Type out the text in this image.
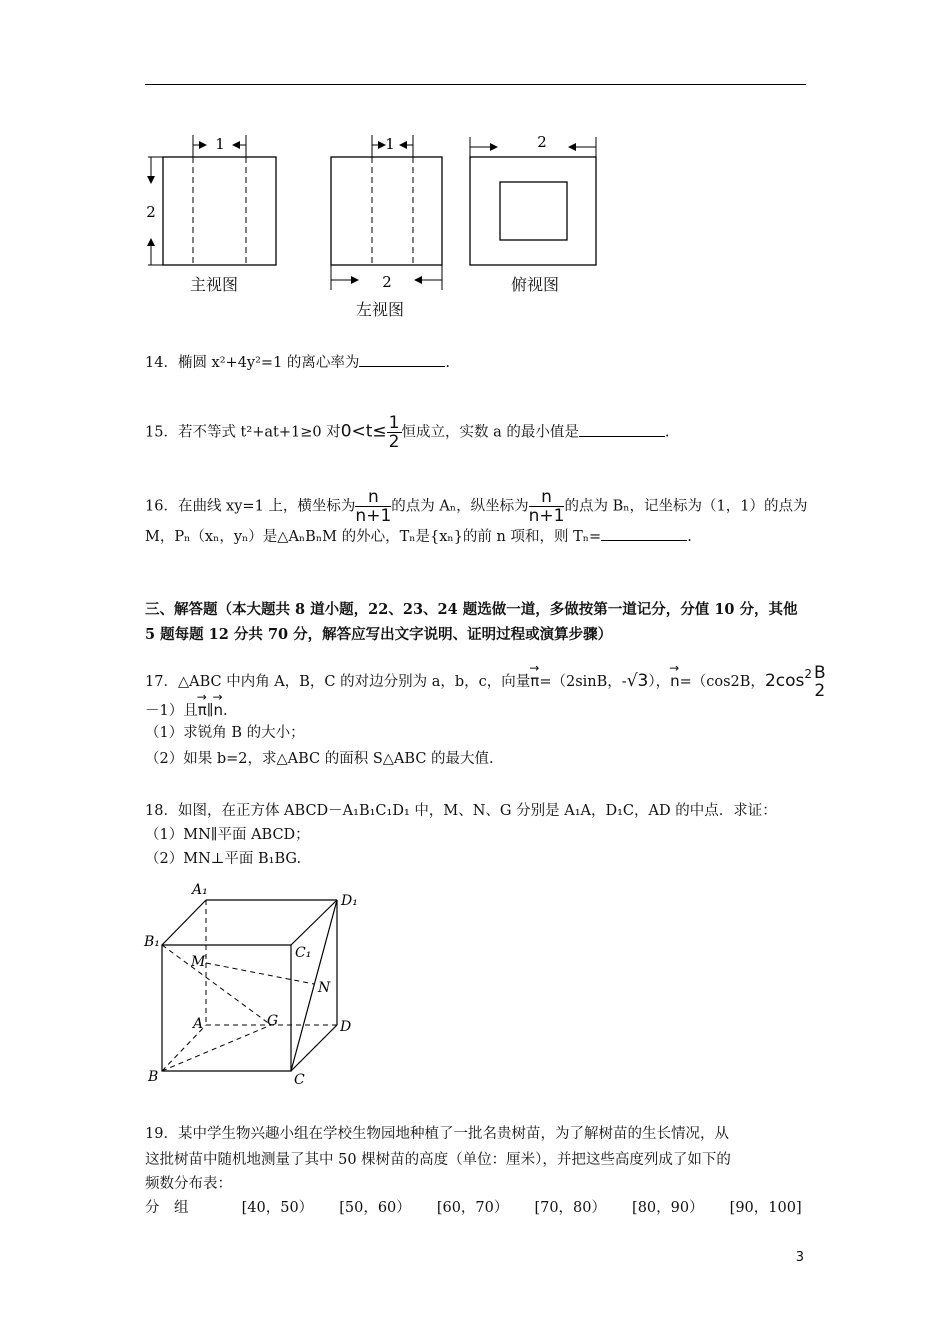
1
2
1
2
2
主视图
左视图
俯视图
14．椭圆 x²+4y²=1 的离心率为	.
15．若不等式 t²+at+1≥0 对$0<t\le \frac{1}{2}$ 恒成立，实数 a 的最小值是	.
16．在曲线 xy=1 上，横坐标为 $\frac{n}{n+1}$ 的点为 Aₙ，纵坐标为 $\frac{n}{n+1}$ 的点为 Bₙ，记坐标为（1，1）的点为
M，Pₙ（xₙ，yₙ）是△AₙBₙM 的外心，Tₙ是{xₙ}的前 n 项和，则 Tₙ=	.
三、解答题（本大题共 8 道小题，22、23、24 题选做一道，多做按第一道记分，分值 10 分，其他
5 题每题 12 分共 70 分，解答应写出文字说明、证明过程或演算步骤）
17．△ABC 中内角 A，B，C 的对边分别为 a，b，c，向量→ π=（2sinB，-√3），→ n=（cos2B，$2\cos^2$ B
2
－1）且→ π∥→ n.
（1）求锐角 B 的大小；
（2）如果 b=2，求△ABC 的面积 S△ABC 的最大值.
18．如图，在正方体 ABCD－A₁B₁C₁D₁ 中，M、N、G 分别是 A₁A，D₁C，AD 的中点．求证：
（1）MN∥平面 ABCD；
（2）MN⊥平面 B₁BG.
A₁
D₁
B₁
C₁
M
N
A	G	D
B	C
19．某中学生物兴趣小组在学校生物园地种植了一批名贵树苗，为了解树苗的生长情况，从
这批树苗中随机地测量了其中 50 棵树苗的高度（单位：厘米），并把这些高度列成了如下的
频数分布表：
分　组	[40，50） [50，60） [60，70） [70，80） [80，90） [90，100]
3
